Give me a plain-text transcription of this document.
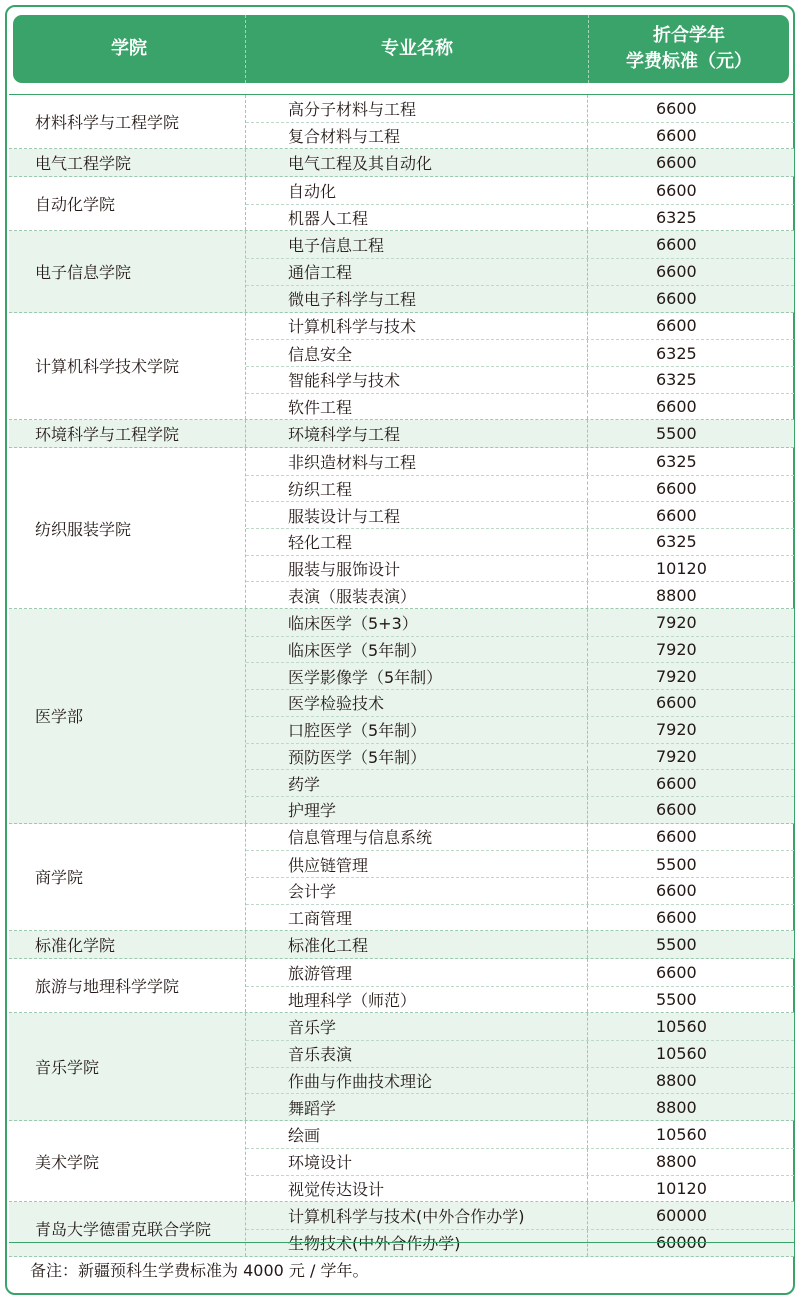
学院	专业名称
折合学年
学费标准（元）
材料科学与工程学院
高分子材料与工程	6600
复合材料与工程	6600
电气工程学院	电气工程及其自动化	6600
自动化学院
自动化	6600
机器人工程	6325
电子信息学院
电子信息工程	6600
通信工程	6600
微电子科学与工程	6600
计算机科学技术学院
计算机科学与技术	6600
信息安全	6325
智能科学与技术	6325
软件工程	6600
环境科学与工程学院	环境科学与工程	5500
纺织服装学院
非织造材料与工程	6325
纺织工程	6600
服装设计与工程	6600
轻化工程	6325
服装与服饰设计	10120
表演（服装表演）	8800
医学部
临床医学（5+3）	7920
临床医学（5年制）	7920
医学影像学（5年制）	7920
医学检验技术	6600
口腔医学（5年制）	7920
预防医学（5年制）	7920
药学	6600
护理学	6600
商学院
信息管理与信息系统	6600
供应链管理	5500
会计学	6600
工商管理	6600
标准化学院	标准化工程	5500
旅游与地理科学学院
旅游管理	6600
地理科学（师范）	5500
音乐学院
音乐学	10560
音乐表演	10560
作曲与作曲技术理论	8800
舞蹈学	8800
美术学院
绘画	10560
环境设计	8800
视觉传达设计	10120
青岛大学德雷克联合学院
计算机科学与技术(中外合作办学)	60000
生物技术(中外合作办学)	60000
备注：新疆预科生学费标准为 4000 元 / 学年。
